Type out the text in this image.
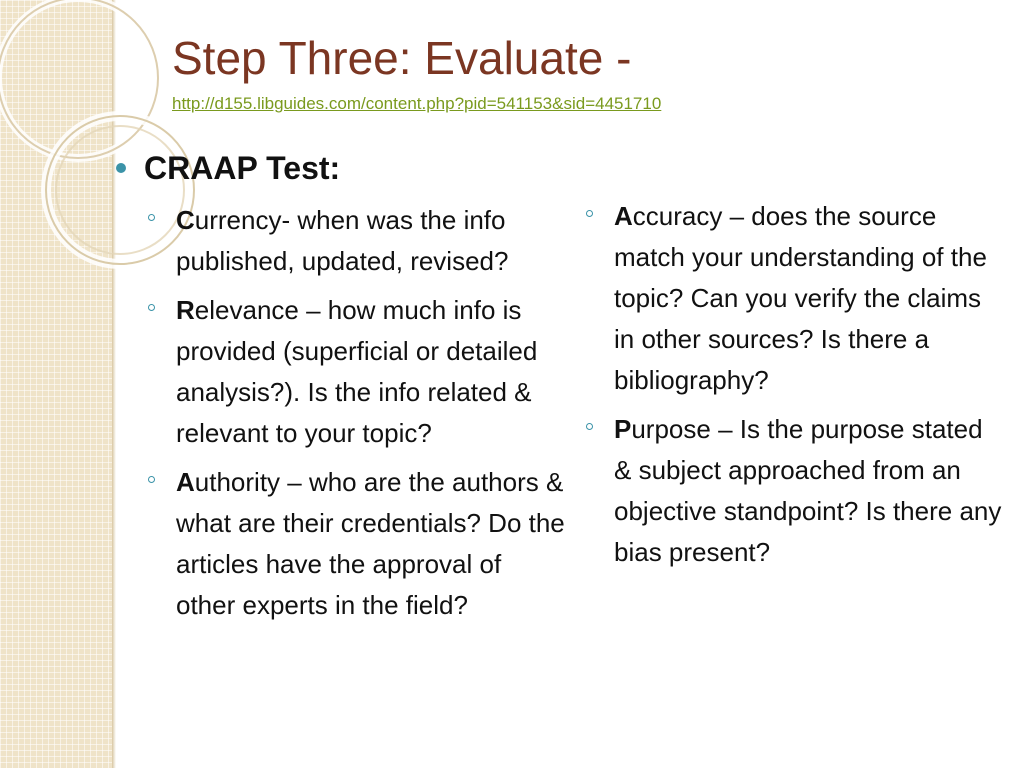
Step Three: Evaluate -
http://d155.libguides.com/content.php?pid=541153&sid=4451710
CRAAP Test:
Currency- when was the info published, updated, revised?
Relevance – how much info is provided (superficial or detailed analysis?). Is the info related & relevant to your topic?
Authority – who are the authors & what are their credentials? Do the articles have the approval of other experts in the field?
Accuracy – does the source match your understanding of the topic? Can you verify the claims in other sources? Is there a bibliography?
Purpose – Is the purpose stated & subject approached from an objective standpoint? Is there any bias present?
